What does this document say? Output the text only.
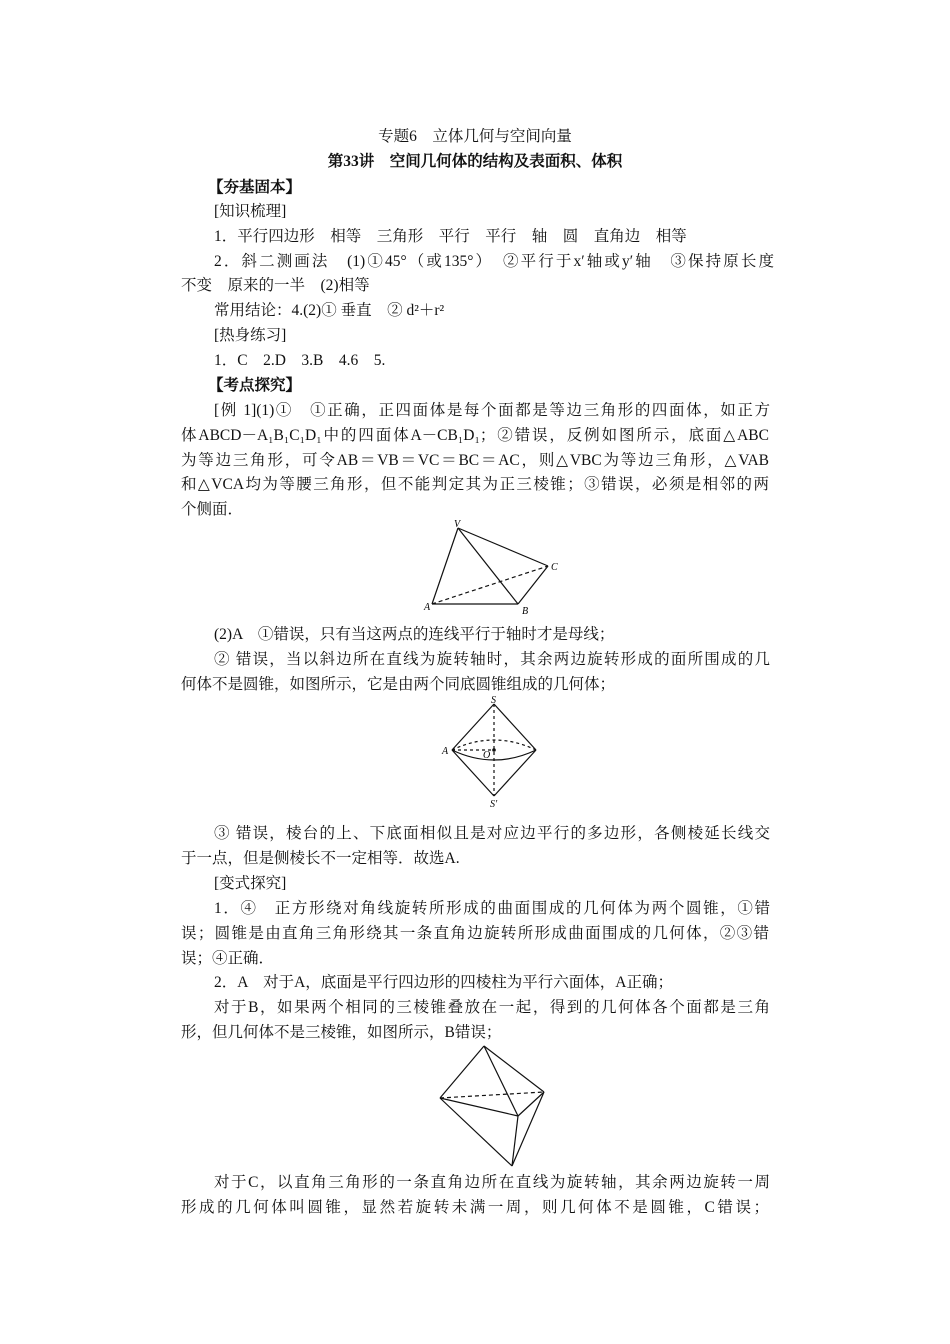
专题6　立体几何与空间向量
第33讲　空间几何体的结构及表面积、体积
【夯基固本】
[知识梳理]
1．平行四边形　相等　三角形　平行　平行　轴　圆　直角边　相等
2．斜二测画法　(1)①45°（或135°）　②平行于x′轴或y′轴　③保持原长度
不变　原来的一半　(2)相等
常用结论：4.(2)① 垂直　② d²＋r²
[热身练习]
1．C　2.D　3.B　4.6　5.
【考点探究】
[例 1](1)①　①正确，正四面体是每个面都是等边三角形的四面体，如正方
体ABCD－A₁B₁C₁D₁中的四面体A－CB₁D₁；②错误，反例如图所示，底面△ABC
为等边三角形，可令AB＝VB＝VC＝BC＝AC，则△VBC为等边三角形，△VAB
和△VCA均为等腰三角形，但不能判定其为正三棱锥；③错误，必须是相邻的两
个侧面．
V
A	B
C
(2)A　①错误，只有当这两点的连线平行于轴时才是母线；
② 错误，当以斜边所在直线为旋转轴时，其余两边旋转形成的面所围成的几
何体不是圆锥，如图所示，它是由两个同底圆锥组成的几何体；
S
S′
A	O
③ 错误，棱台的上、下底面相似且是对应边平行的多边形，各侧棱延长线交
于一点，但是侧棱长不一定相等．故选A.
[变式探究]
1．④　正方形绕对角线旋转所形成的曲面围成的几何体为两个圆锥，①错
误；圆锥是由直角三角形绕其一条直角边旋转所形成曲面围成的几何体，②③错
误；④正确．
2．A　对于A，底面是平行四边形的四棱柱为平行六面体，A正确；
对于B，如果两个相同的三棱锥叠放在一起，得到的几何体各个面都是三角
形，但几何体不是三棱锥，如图所示，B错误；
对于C，以直角三角形的一条直角边所在直线为旋转轴，其余两边旋转一周
形成的几何体叫圆锥，显然若旋转未满一周，则几何体不是圆锥，C错误；
